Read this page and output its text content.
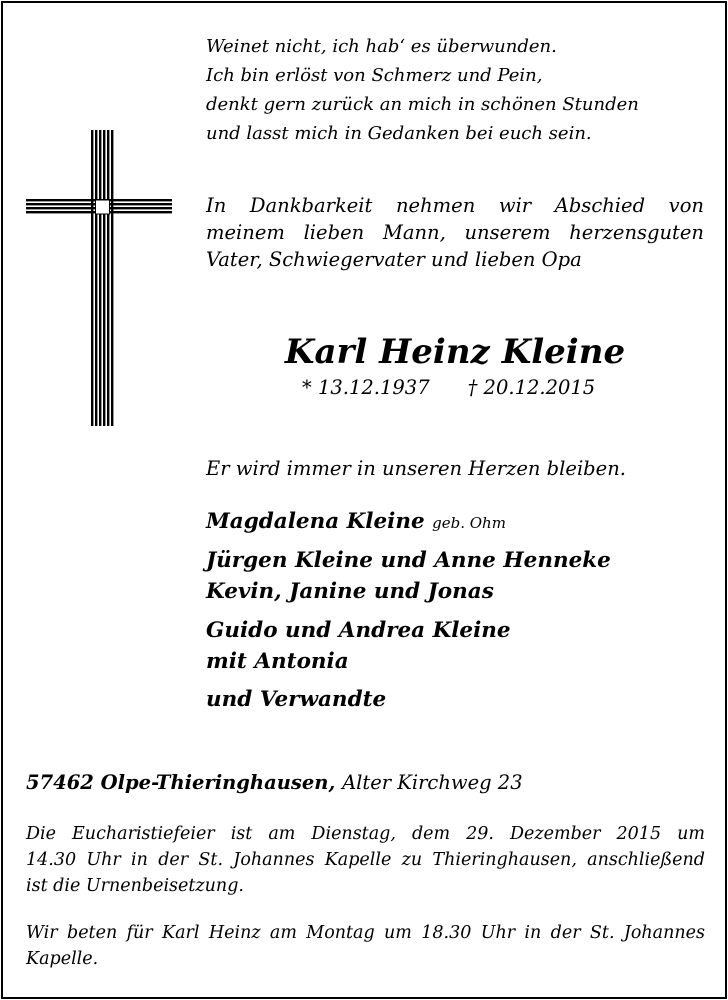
Weinet nicht, ich hab‘ es überwunden.
Ich bin erlöst von Schmerz und Pein,
denkt gern zurück an mich in schönen Stunden
und lasst mich in Gedanken bei euch sein.
In Dankbarkeit nehmen wir Abschied von
meinem lieben Mann, unserem herzensguten
Vater, Schwiegervater und lieben Opa
Karl Heinz Kleine
* 13.12.1937 † 20.12.2015
Er wird immer in unseren Herzen bleiben.
Magdalena Kleine geb. Ohm
Jürgen Kleine und Anne Henneke
Kevin, Janine und Jonas
Guido und Andrea Kleine
mit Antonia
und Verwandte
57462 Olpe-Thieringhausen, Alter Kirchweg 23
Die Eucharistiefeier ist am Dienstag, dem 29. Dezember 2015 um
14.30 Uhr in der St. Johannes Kapelle zu Thieringhausen, anschließend
ist die Urnenbeisetzung.
Wir beten für Karl Heinz am Montag um 18.30 Uhr in der St. Johannes
Kapelle.
